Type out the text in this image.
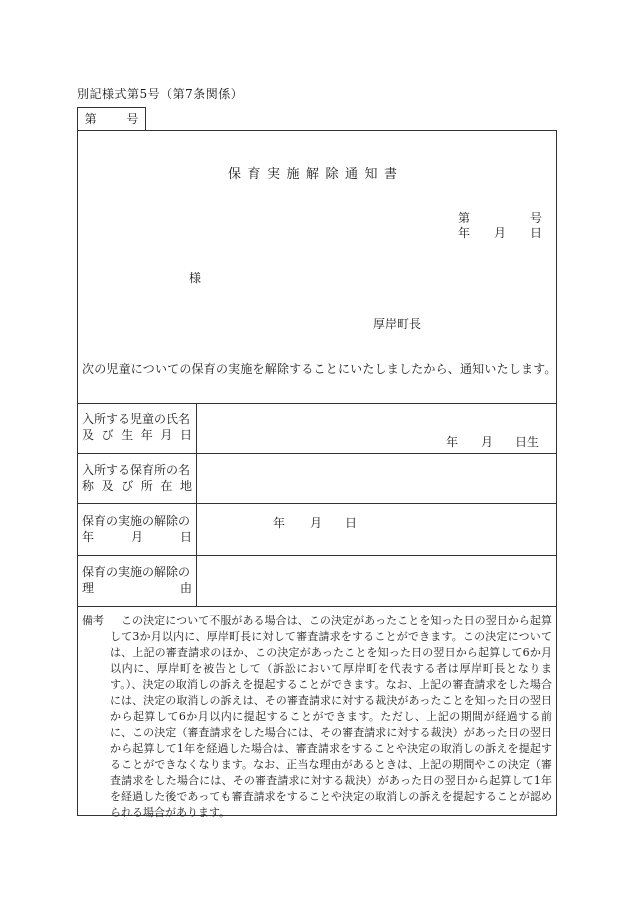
別記様式第5号（第7条関係）
第 号
保育実施解除通知書
第	号
年 月 日
様
厚岸町長
次の児童についての保育の実施を解除することにいたしましたから、通知いたします。
入所する児童の氏名
及 び 生 年 月 日	年 月 日生
入所する保育所の名
称 及 び 所 在 地
保育の実施の解除の
年	月	日
年 月 日
保育の実施の解除の
理	由
備考	この決定について不服がある場合は、この決定があったことを知った日の翌日から起算して3か月以内に、厚岸町長に対して審査請求をすることができます。この決定については、上記の審査請求のほか、この決定があったことを知った日の翌日から起算して6か月以内に、厚岸町を被告として（訴訟において厚岸町を代表する者は厚岸町長となります。）、決定の取消しの訴えを提起することができます。なお、上記の審査請求をした場合には、決定の取消しの訴えは、その審査請求に対する裁決があったことを知った日の翌日から起算して6か月以内に提起することができます。ただし、上記の期間が経過する前に、この決定（審査請求をした場合には、その審査請求に対する裁決）があった日の翌日から起算して1年を経過した場合は、審査請求をすることや決定の取消しの訴えを提起することができなくなります。なお、正当な理由があるときは、上記の期間やこの決定（審査請求をした場合には、その審査請求に対する裁決）があった日の翌日から起算して1年を経過した後であっても審査請求をすることや決定の取消しの訴えを提起することが認められる場合があります。
